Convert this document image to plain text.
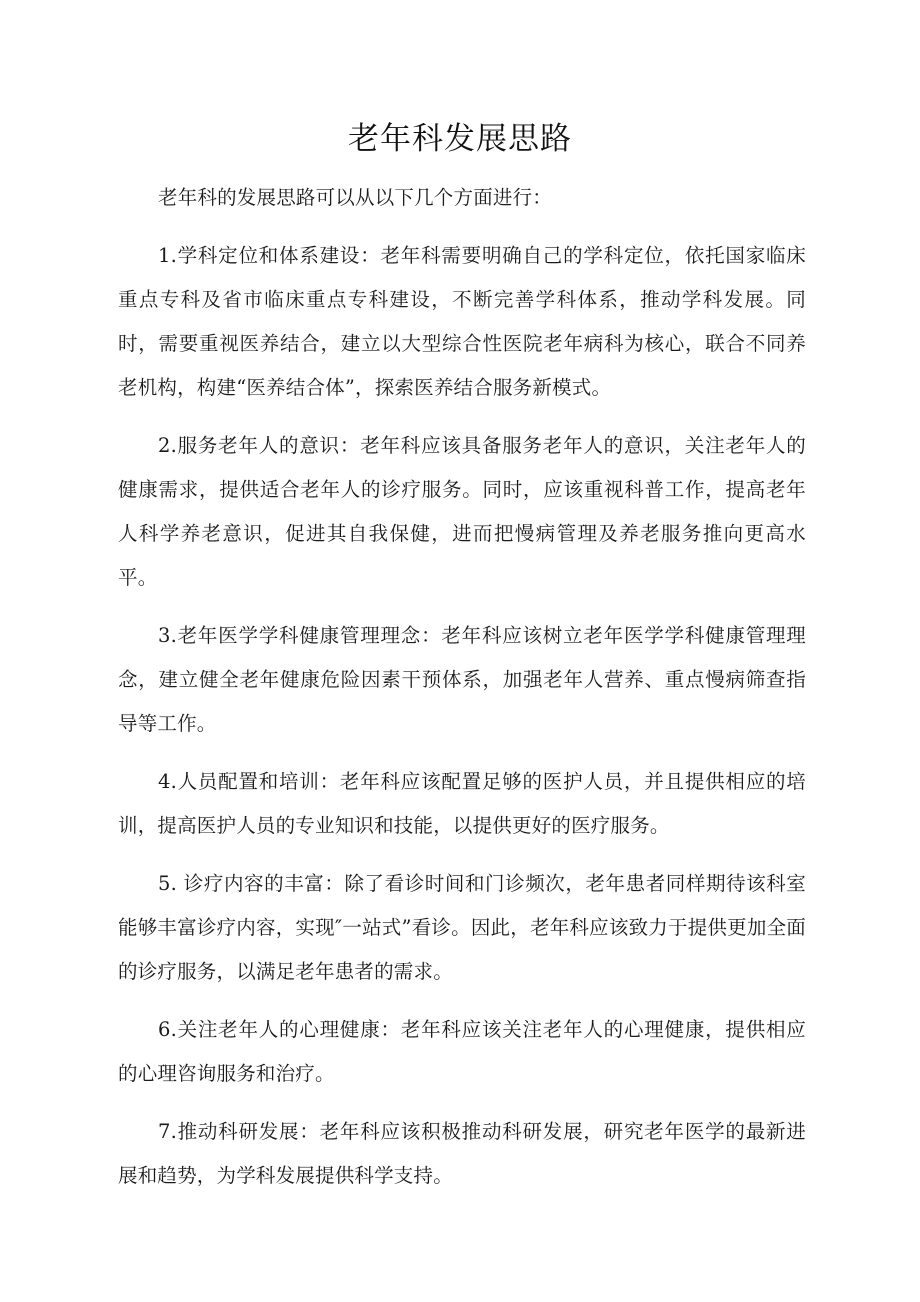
老年科发展思路

老年科的发展思路可以从以下几个方面进行：

1.学科定位和体系建设：老年科需要明确自己的学科定位，依托国家临床重点专科及省市临床重点专科建设，不断完善学科体系，推动学科发展。同时，需要重视医养结合，建立以大型综合性医院老年病科为核心，联合不同养老机构，构建“医养结合体”，探索医养结合服务新模式。

2.服务老年人的意识：老年科应该具备服务老年人的意识，关注老年人的健康需求，提供适合老年人的诊疗服务。同时，应该重视科普工作，提高老年人科学养老意识，促进其自我保健，进而把慢病管理及养老服务推向更高水平。

3.老年医学学科健康管理理念：老年科应该树立老年医学学科健康管理理念，建立健全老年健康危险因素干预体系，加强老年人营养、重点慢病筛查指导等工作。

4.人员配置和培训：老年科应该配置足够的医护人员，并且提供相应的培训，提高医护人员的专业知识和技能，以提供更好的医疗服务。

5. 诊疗内容的丰富：除了看诊时间和门诊频次，老年患者同样期待该科室能够丰富诊疗内容，实现″一站式”看诊。因此，老年科应该致力于提供更加全面的诊疗服务，以满足老年患者的需求。

6.关注老年人的心理健康：老年科应该关注老年人的心理健康，提供相应的心理咨询服务和治疗。

7.推动科研发展：老年科应该积极推动科研发展，研究老年医学的最新进展和趋势，为学科发展提供科学支持。
